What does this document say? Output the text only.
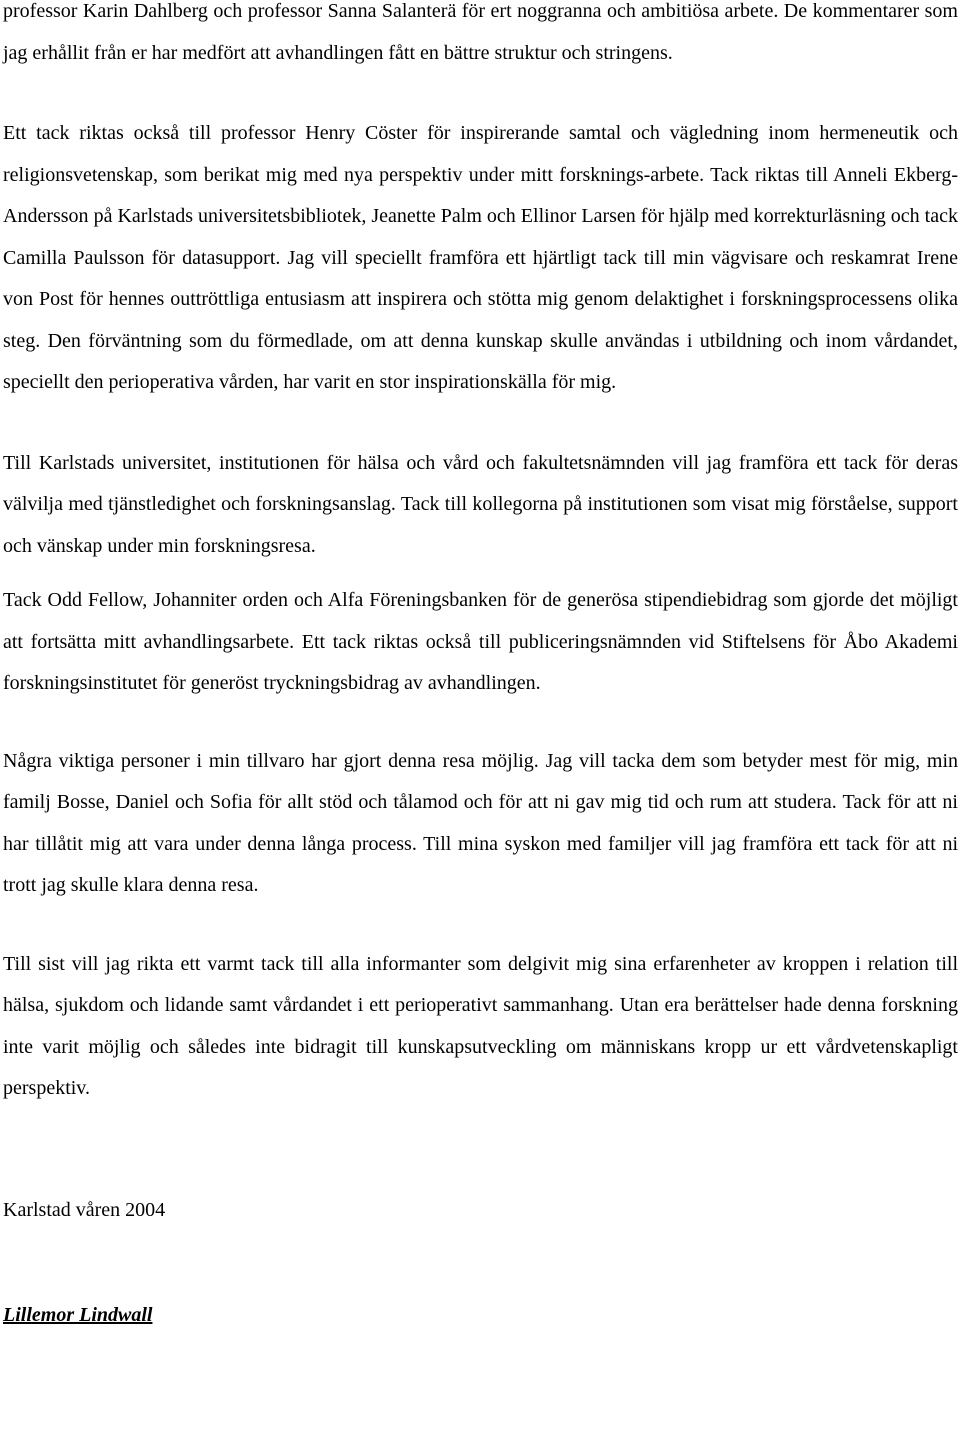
professor Karin Dahlberg och professor Sanna Salanterä för ert noggranna och ambitiösa arbete. De kommentarer som jag erhållit från er har medfört att avhandlingen fått en bättre struktur och stringens.

Ett tack riktas också till professor Henry Cöster för inspirerande samtal och vägledning inom hermeneutik och religionsvetenskap, som berikat mig med nya perspektiv under mitt forsknings-arbete. Tack riktas till Anneli Ekberg-Andersson på Karlstads universitetsbibliotek, Jeanette Palm och Ellinor Larsen för hjälp med korrekturläsning och tack Camilla Paulsson för datasupport. Jag vill speciellt framföra ett hjärtligt tack till min vägvisare och reskamrat Irene von Post för hennes outtröttliga entusiasm att inspirera och stötta mig genom delaktighet i forskningsprocessens olika steg. Den förväntning som du förmedlade, om att denna kunskap skulle användas i utbildning och inom vårdandet, speciellt den perioperativa vården, har varit en stor inspirationskälla för mig.

Till Karlstads universitet, institutionen för hälsa och vård och fakultetsnämnden vill jag framföra ett tack för deras välvilja med tjänstledighet och forskningsanslag. Tack till kollegorna på institutionen som visat mig förståelse, support och vänskap under min forskningsresa.

Tack Odd Fellow, Johanniter orden och Alfa Föreningsbanken för de generösa stipendiebidrag som gjorde det möjligt att fortsätta mitt avhandlingsarbete. Ett tack riktas också till publiceringsnämnden vid Stiftelsens för Åbo Akademi forskningsinstitutet för generöst tryckningsbidrag av avhandlingen.

Några viktiga personer i min tillvaro har gjort denna resa möjlig. Jag vill tacka dem som betyder mest för mig, min familj Bosse, Daniel och Sofia för allt stöd och tålamod och för att ni gav mig tid och rum att studera. Tack för att ni har tillåtit mig att vara under denna långa process. Till mina syskon med familjer vill jag framföra ett tack för att ni trott jag skulle klara denna resa.

Till sist vill jag rikta ett varmt tack till alla informanter som delgivit mig sina erfarenheter av kroppen i relation till hälsa, sjukdom och lidande samt vårdandet i ett perioperativt sammanhang. Utan era berättelser hade denna forskning inte varit möjlig och således inte bidragit till kunskapsutveckling om människans kropp ur ett vårdvetenskapligt perspektiv.

Karlstad våren 2004

Lillemor Lindwall
